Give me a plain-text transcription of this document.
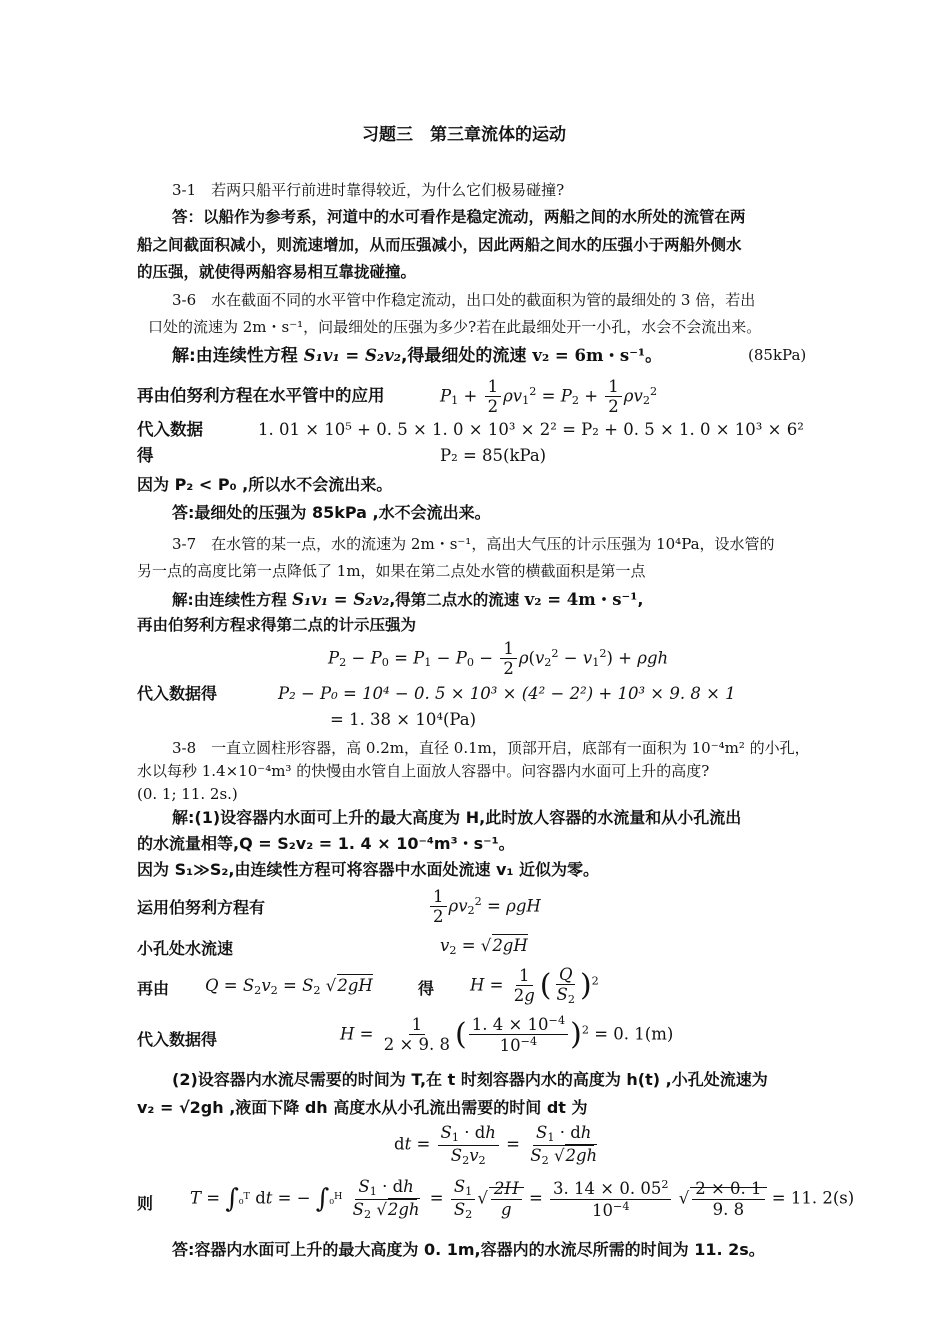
习题三　第三章流体的运动
3-1　若两只船平行前进时靠得较近，为什么它们极易碰撞?
答：以船作为参考系，河道中的水可看作是稳定流动，两船之间的水所处的流管在两
船之间截面积减小，则流速增加，从而压强减小，因此两船之间水的压强小于两船外侧水
的压强，就使得两船容易相互靠拢碰撞。
3-6　水在截面不同的水平管中作稳定流动，出口处的截面积为管的最细处的 3 倍，若出
口处的流速为 2m・s⁻¹，问最细处的压强为多少?若在此最细处开一小孔，水会不会流出来。
解:由连续性方程 S₁v₁ = S₂v₂,得最细处的流速 v₂ = 6m・s⁻¹。	(85kPa)
再由伯努利方程在水平管中的应用	$P_1 + \frac{1}{2} \rho v_1^2 = P_2 + \frac{1}{2} \rho v_2^2$
代入数据	1. 01 × 10⁵ + 0. 5 × 1. 0 × 10³ × 2² = P₂ + 0. 5 × 1. 0 × 10³ × 6²
得	P₂ = 85(kPa)
因为 P₂ < P₀ ,所以水不会流出来。
答:最细处的压强为 85kPa ,水不会流出来。
3-7　在水管的某一点，水的流速为 2m・s⁻¹，高出大气压的计示压强为 10⁴Pa，设水管的
另一点的高度比第一点降低了 1m，如果在第二点处水管的横截面积是第一点
解:由连续性方程 S₁v₁ = S₂v₂,得第二点水的流速 v₂ = 4m・s⁻¹,
再由伯努利方程求得第二点的计示压强为
$P_2 - P_0 = P_1 - P_0 - \frac{1}{2} \rho(v_2^2 - v_1^2) + \rho gh$
代入数据得	P₂ − P₀ = 10⁴ − 0. 5 × 10³ × (4² − 2²) + 10³ × 9. 8 × 1
= 1. 38 × 10⁴(Pa)
3-8　一直立圆柱形容器，高 0.2m，直径 0.1m，顶部开启，底部有一面积为 10⁻⁴m² 的小孔，
水以每秒 1.4×10⁻⁴m³ 的快慢由水管自上面放人容器中。问容器内水面可上升的高度?
(0. 1; 11. 2s.)
解:(1)设容器内水面可上升的最大高度为 H,此时放人容器的水流量和从小孔流出
的水流量相等,Q = S₂v₂ = 1. 4 × 10⁻⁴m³・s⁻¹。
因为 S₁≫S₂,由连续性方程可将容器中水面处流速 v₁ 近似为零。
运用伯努利方程有	$\frac{1}{2} \rho v_2^2 = \rho gH$
小孔处水流速	$v_2 = √2gH$
再由 $Q = S_2v_2 = S_2$ √2gH	得 $H = \frac{1}{2g}$ ( $\frac{Q}{S_2} )^2$
代入数据得	$H = \frac{1}{2 \times 9. 8}$ ( $\frac{1. 4 \times 10^{-4}}{10^{-4}} )^2 = 0$. 1(m)
(2)设容器内水流尽需要的时间为 T,在 t 时刻容器内水的高度为 h(t) ,小孔处流速为
v₂ = √2gh ,液面下降 dh 高度水从小孔流出需要的时间 dt 为
dt = $\frac{S_1 \cdot dh}{S_2v_2} = \frac{S_1 \cdot dh}{S_2 √2gh}$
则 T = ∫₀$^T$ dt = − $\int_0^H \frac{S_1 \cdot dh}{S_2 √2gh} = \frac{S_1}{S_2}$ √ $\frac{2H}{g} = \frac{3. 14 \times 0. 05^2}{10^{-4}}$ √ $\frac{2 \times 0. 1}{9. 8} = 11$. 2(s)
答:容器内水面可上升的最大高度为 0. 1m,容器内的水流尽所需的时间为 11. 2s。
